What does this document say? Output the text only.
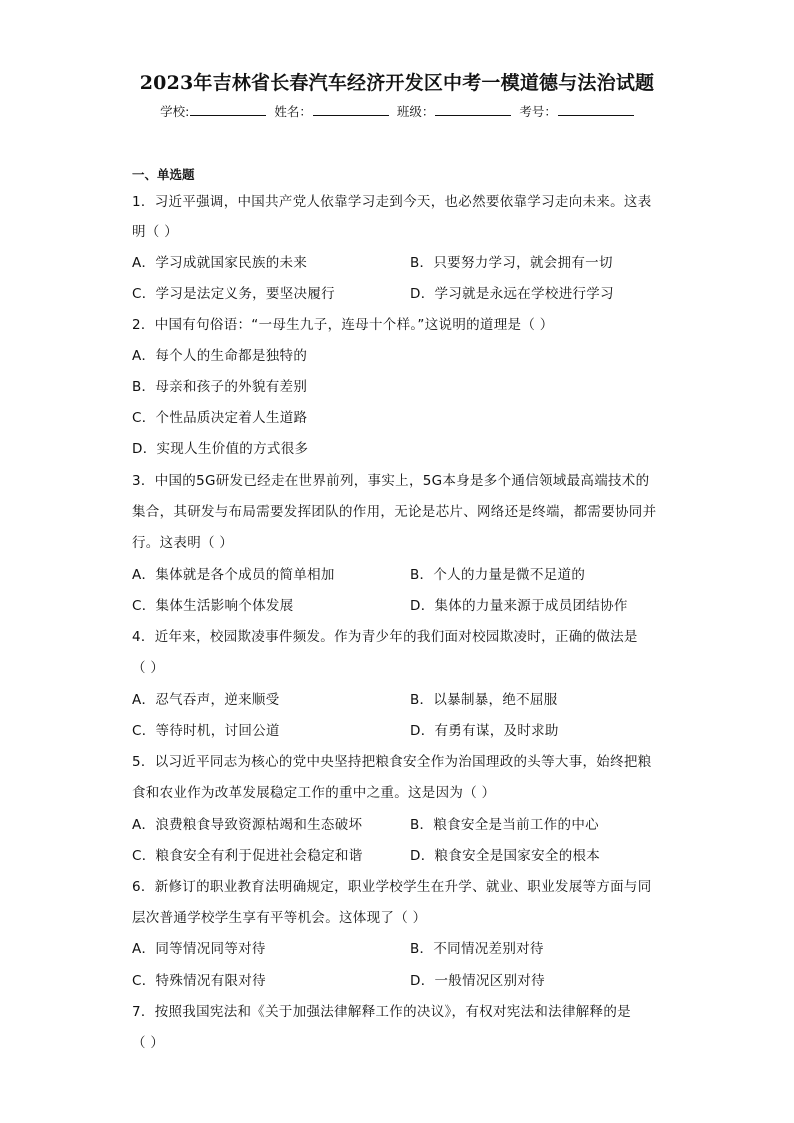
2023年吉林省长春汽车经济开发区中考一模道德与法治试题
学校:	姓名：	班级：	考号：
一、单选题
1．习近平强调，中国共产党人依靠学习走到今天，也必然要依靠学习走向未来。这表
明（ ）
A．学习成就国家民族的未来	B．只要努力学习，就会拥有一切
C．学习是法定义务，要坚决履行	D．学习就是永远在学校进行学习
2．中国有句俗语：“一母生九子，连母十个样。”这说明的道理是（ ）
A．每个人的生命都是独特的
B．母亲和孩子的外貌有差别
C．个性品质决定着人生道路
D．实现人生价值的方式很多
3．中国的5G研发已经走在世界前列，事实上，5G本身是多个通信领域最高端技术的
集合，其研发与布局需要发挥团队的作用，无论是芯片、网络还是终端，都需要协同并
行。这表明（ ）
A．集体就是各个成员的简单相加	B．个人的力量是微不足道的
C．集体生活影响个体发展	D．集体的力量来源于成员团结协作
4．近年来，校园欺凌事件频发。作为青少年的我们面对校园欺凌时，正确的做法是
（ ）
A．忍气吞声，逆来顺受	B．以暴制暴，绝不屈服
C．等待时机，讨回公道	D．有勇有谋，及时求助
5．以习近平同志为核心的党中央坚持把粮食安全作为治国理政的头等大事，始终把粮
食和农业作为改革发展稳定工作的重中之重。这是因为（ ）
A．浪费粮食导致资源枯竭和生态破坏	B．粮食安全是当前工作的中心
C．粮食安全有利于促进社会稳定和谐	D．粮食安全是国家安全的根本
6．新修订的职业教育法明确规定，职业学校学生在升学、就业、职业发展等方面与同
层次普通学校学生享有平等机会。这体现了（ ）
A．同等情况同等对待	B．不同情况差别对待
C．特殊情况有限对待	D．一般情况区别对待
7．按照我国宪法和《关于加强法律解释工作的决议》，有权对宪法和法律解释的是
（ ）
